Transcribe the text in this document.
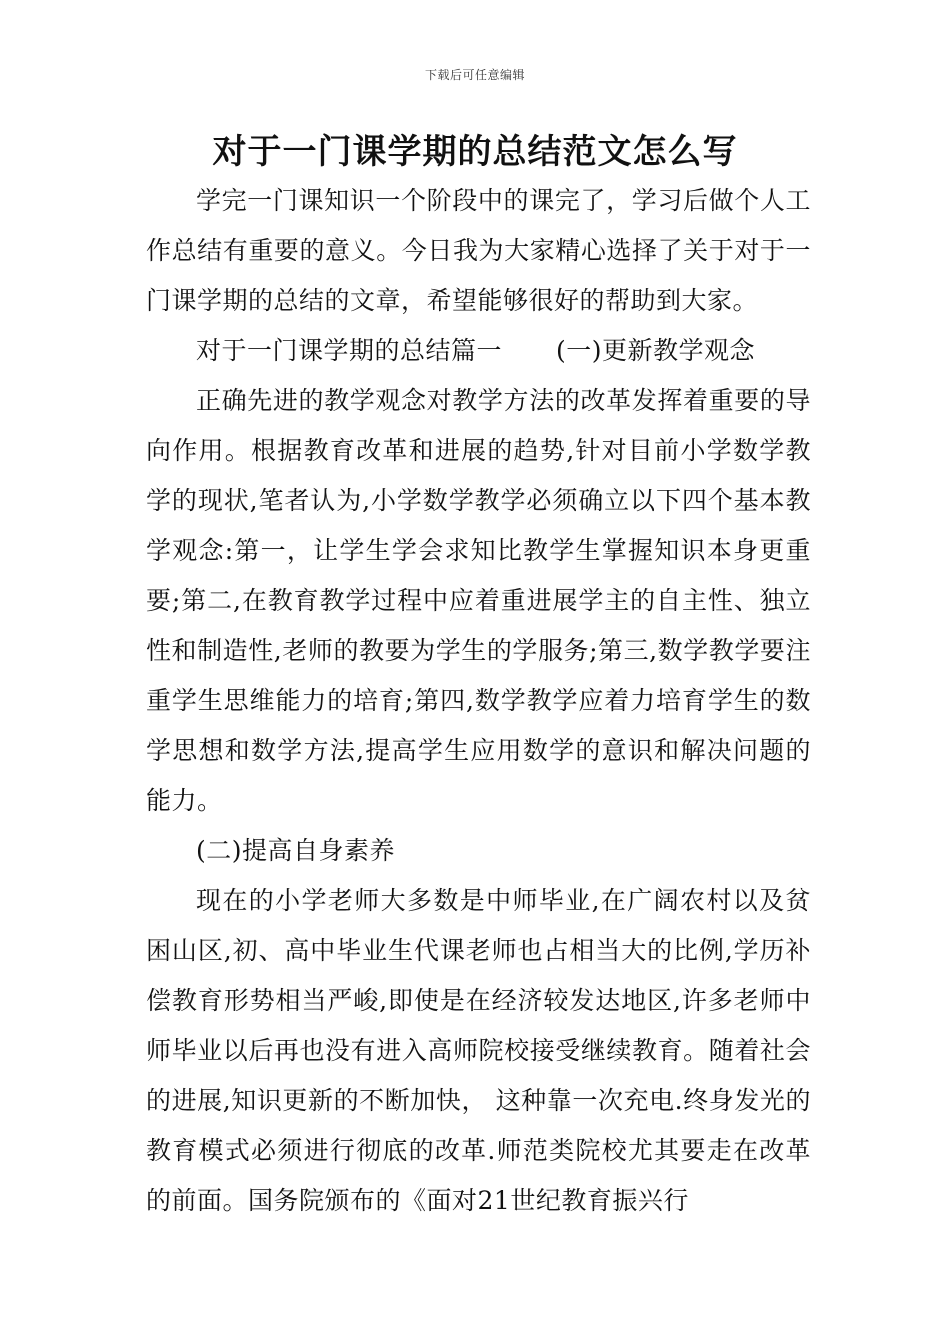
下载后可任意编辑
对于一门课学期的总结范文怎么写

学完一门课知识一个阶段中的课完了，学习后做个人工作总结有重要的意义。今日我为大家精心选择了关于对于一门课学期的总结的文章，希望能够很好的帮助到大家。

对于一门课学期的总结篇一 (一)更新教学观念

正确先进的教学观念对教学方法的改革发挥着重要的导向作用。根据教育改革和进展的趋势,针对目前小学数学教学的现状,笔者认为,小学数学教学必须确立以下四个基本教学观念:第一，让学生学会求知比教学生掌握知识本身更重要;第二,在教育教学过程中应着重进展学主的自主性、独立性和制造性,老师的教要为学生的学服务;第三,数学教学要注重学生思维能力的培育;第四,数学教学应着力培育学生的数学思想和数学方法,提高学生应用数学的意识和解决问题的能力。

(二)提高自身素养

现在的小学老师大多数是中师毕业,在广阔农村以及贫困山区,初、高中毕业生代课老师也占相当大的比例,学历补偿教育形势相当严峻,即使是在经济较发达地区,许多老师中师毕业以后再也没有进入高师院校接受继续教育。随着社会的进展,知识更新的不断加快， 这种靠一次充电.终身发光的教育模式必须进行彻底的改革.师范类院校尤其要走在改革的前面。国务院颁布的《面对21世纪教育振兴行
